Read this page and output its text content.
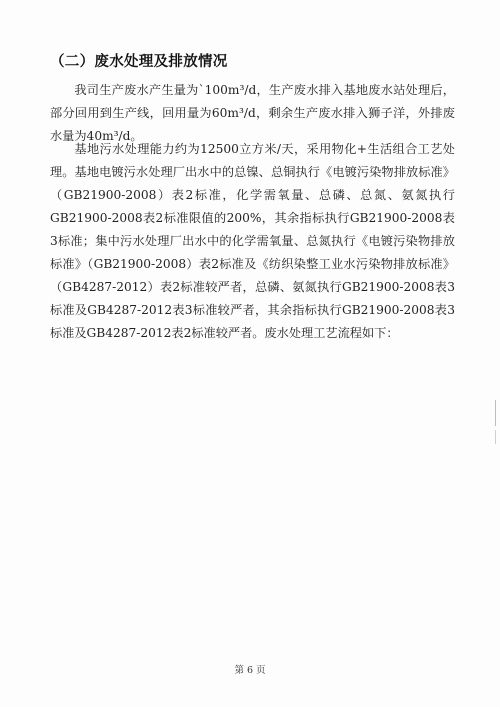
（二）废水处理及排放情况

我司生产废水产生量为`100m³/d，生产废水排入基地废水站处理后，部分回用到生产线，回用量为60m³/d，剩余生产废水排入狮子洋，外排废水量为40m³/d。

基地污水处理能力约为12500立方米/天，采用物化+生活组合工艺处理。基地电镀污水处理厂出水中的总镍、总铜执行《电镀污染物排放标准》（GB21900-2008）表2标准，化学需氧量、总磷、总氮、氨氮执行GB21900-2008表2标准限值的200%，其余指标执行GB21900-2008表3标准；集中污水处理厂出水中的化学需氧量、总氮执行《电镀污染物排放标准》（GB21900-2008）表2标准及《纺织染整工业水污染物排放标准》（GB4287-2012）表2标准较严者，总磷、氨氮执行GB21900-2008表3标准及GB4287-2012表3标准较严者，其余指标执行GB21900-2008表3标准及GB4287-2012表2标准较严者。废水处理工艺流程如下：

第 6 页
